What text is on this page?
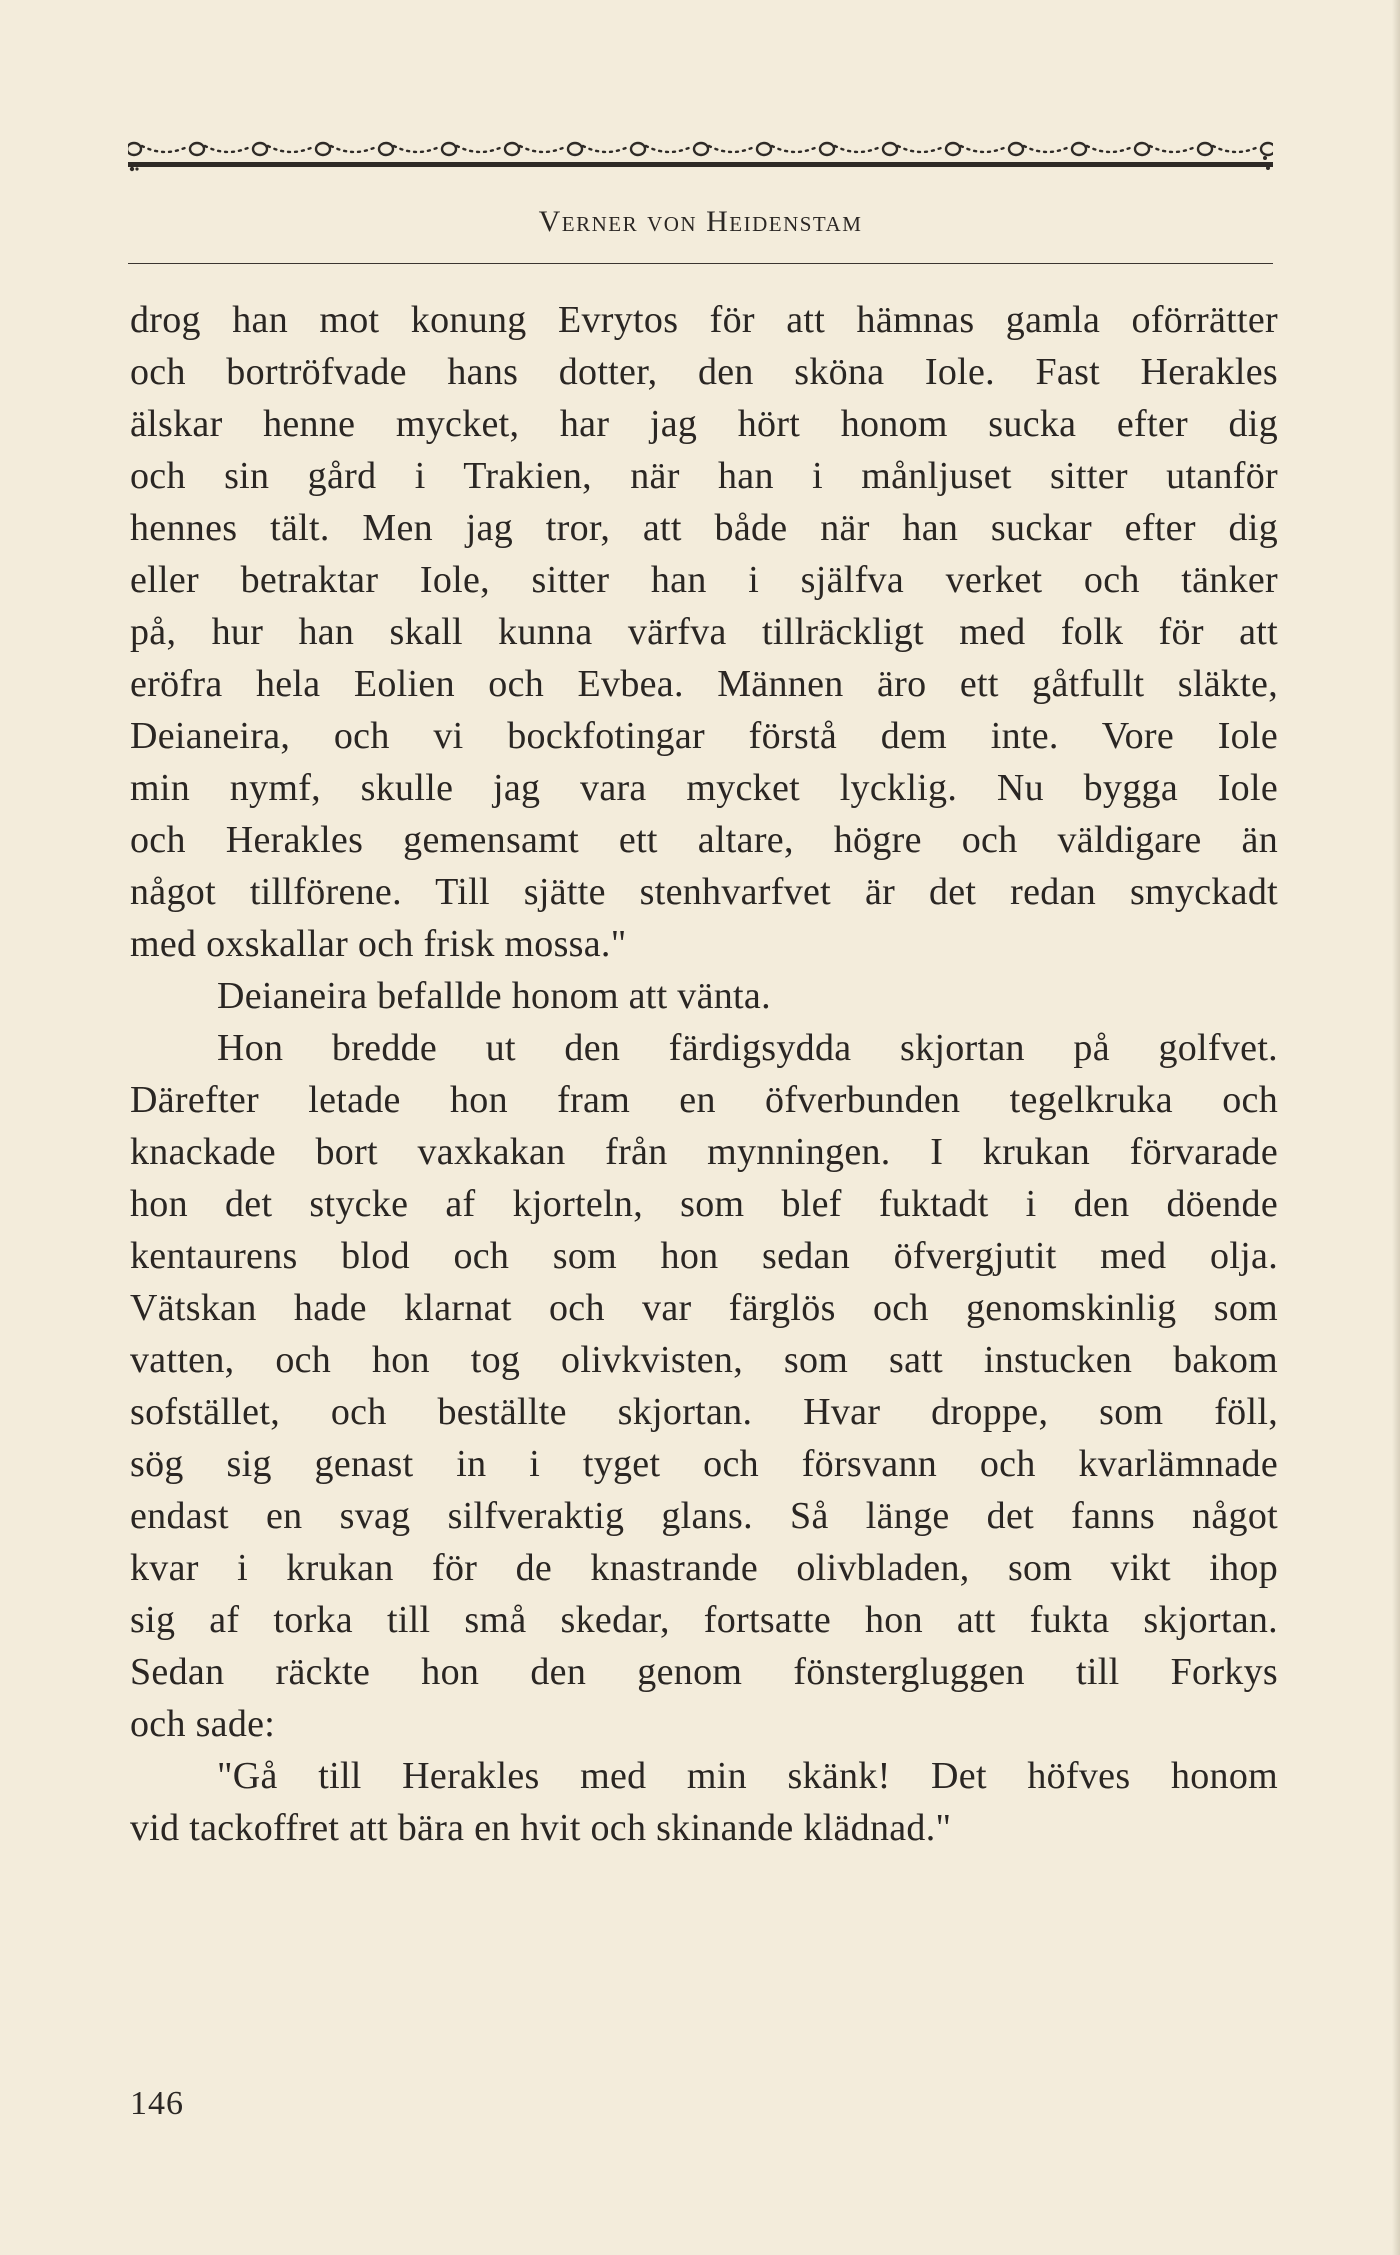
Verner von Heidenstam
drog han mot konung Evrytos för att hämnas gamla oförrätter
och bortröfvade hans dotter, den sköna Iole. Fast Herakles
älskar henne mycket, har jag hört honom sucka efter dig
och sin gård i Trakien, när han i månljuset sitter utanför
hennes tält. Men jag tror, att både när han suckar efter dig
eller betraktar Iole, sitter han i själfva verket och tänker
på, hur han skall kunna värfva tillräckligt med folk för att
eröfra hela Eolien och Evbea. Männen äro ett gåtfullt släkte,
Deianeira, och vi bockfotingar förstå dem inte. Vore Iole
min nymf, skulle jag vara mycket lycklig. Nu bygga Iole
och Herakles gemensamt ett altare, högre och väldigare än
något tillförene. Till sjätte stenhvarfvet är det redan smyckadt
med oxskallar och frisk mossa."
Deianeira befallde honom att vänta.
Hon bredde ut den färdigsydda skjortan på golfvet.
Därefter letade hon fram en öfverbunden tegelkruka och
knackade bort vaxkakan från mynningen. I krukan förvarade
hon det stycke af kjorteln, som blef fuktadt i den döende
kentaurens blod och som hon sedan öfvergjutit med olja.
Vätskan hade klarnat och var färglös och genomskinlig som
vatten, och hon tog olivkvisten, som satt instucken bakom
sofstället, och beställte skjortan. Hvar droppe, som föll,
sög sig genast in i tyget och försvann och kvarlämnade
endast en svag silfveraktig glans. Så länge det fanns något
kvar i krukan för de knastrande olivbladen, som vikt ihop
sig af torka till små skedar, fortsatte hon att fukta skjortan.
Sedan räckte hon den genom fönstergluggen till Forkys
och sade:
"Gå till Herakles med min skänk! Det höfves honom
vid tackoffret att bära en hvit och skinande klädnad."
146
